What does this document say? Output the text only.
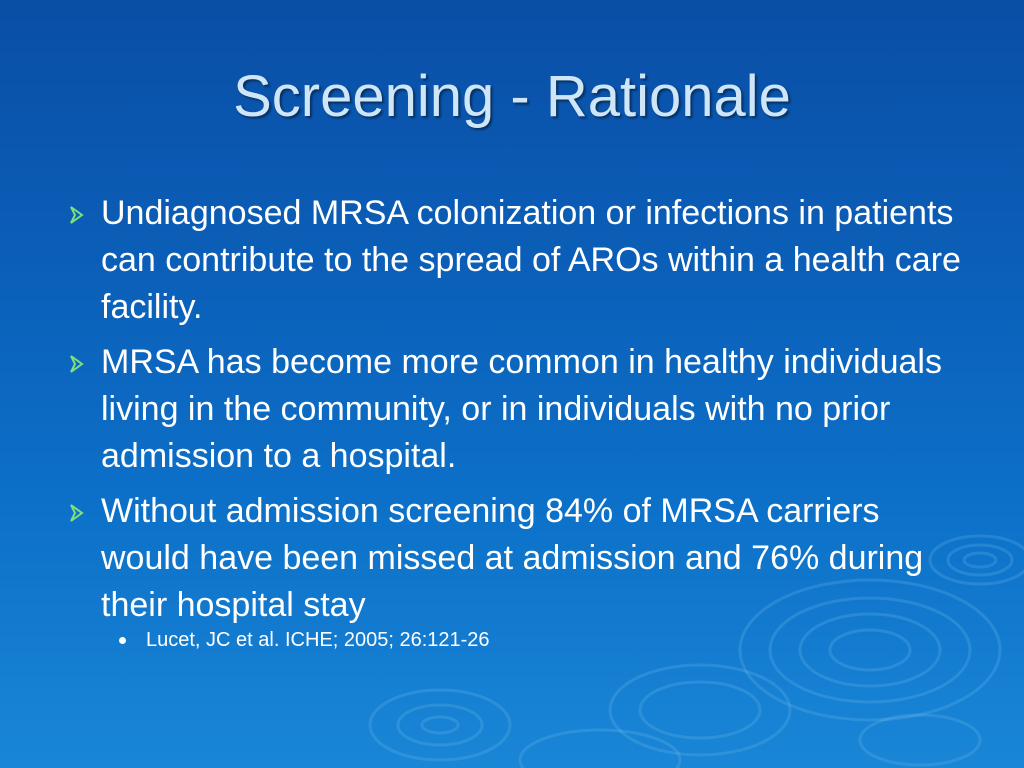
Screening - Rationale
Undiagnosed MRSA colonization or infections in patients can contribute to the spread of AROs within a health care facility.
MRSA has become more common in healthy individuals living in the community, or in individuals with no prior admission to a hospital.
Without admission screening 84% of MRSA carriers would have been missed at admission and 76% during their hospital stay
Lucet, JC et al. ICHE; 2005; 26:121-26
